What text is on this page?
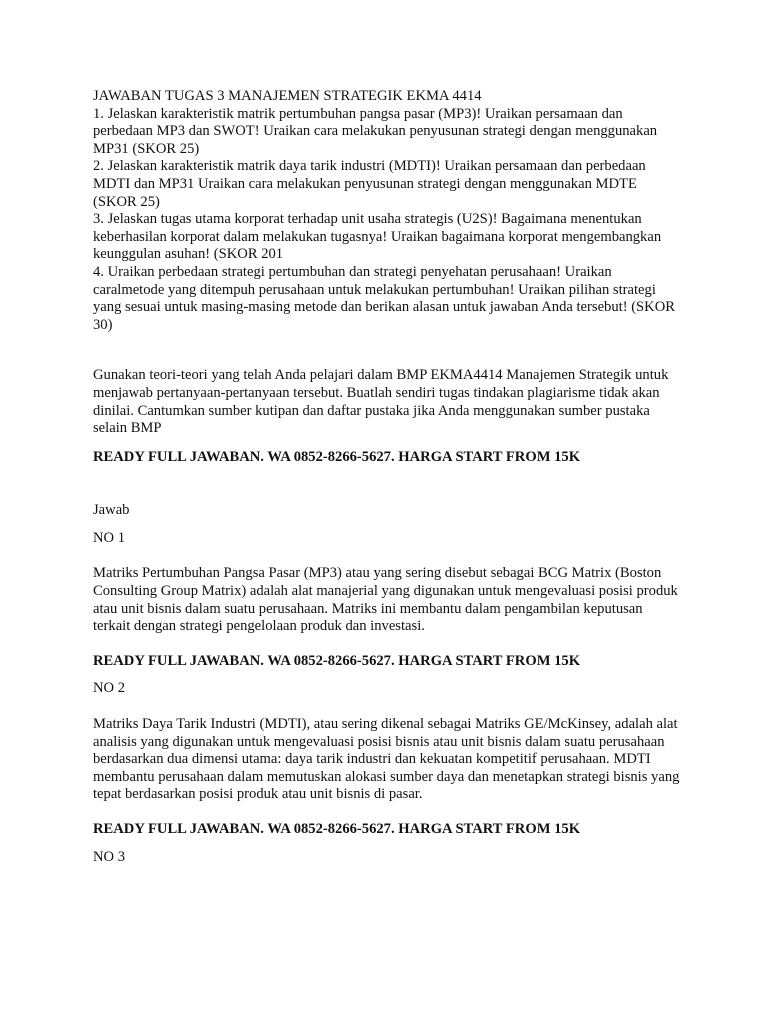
JAWABAN TUGAS 3 MANAJEMEN STRATEGIK EKMA 4414

1. Jelaskan karakteristik matrik pertumbuhan pangsa pasar (MP3)! Uraikan persamaan dan perbedaan MP3 dan SWOT! Uraikan cara melakukan penyusunan strategi dengan menggunakan MP31 (SKOR 25)

2. Jelaskan karakteristik matrik daya tarik industri (MDTI)! Uraikan persamaan dan perbedaan MDTI dan MP31 Uraikan cara melakukan penyusunan strategi dengan menggunakan MDTE (SKOR 25)

3. Jelaskan tugas utama korporat terhadap unit usaha strategis (U2S)! Bagaimana menentukan keberhasilan korporat dalam melakukan tugasnya! Uraikan bagaimana korporat mengembangkan keunggulan asuhan! (SKOR 201

4. Uraikan perbedaan strategi pertumbuhan dan strategi penyehatan perusahaan! Uraikan caralmetode yang ditempuh perusahaan untuk melakukan pertumbuhan! Uraikan pilihan strategi yang sesuai untuk masing-masing metode dan berikan alasan untuk jawaban Anda tersebut! (SKOR 30)

Gunakan teori-teori yang telah Anda pelajari dalam BMP EKMA4414 Manajemen Strategik untuk menjawab pertanyaan-pertanyaan tersebut. Buatlah sendiri tugas tindakan plagiarisme tidak akan dinilai. Cantumkan sumber kutipan dan daftar pustaka jika Anda menggunakan sumber pustaka selain BMP

READY FULL JAWABAN. WA 0852-8266-5627. HARGA START FROM 15K

Jawab

NO 1

Matriks Pertumbuhan Pangsa Pasar (MP3) atau yang sering disebut sebagai BCG Matrix (Boston Consulting Group Matrix) adalah alat manajerial yang digunakan untuk mengevaluasi posisi produk atau unit bisnis dalam suatu perusahaan. Matriks ini membantu dalam pengambilan keputusan terkait dengan strategi pengelolaan produk dan investasi.

READY FULL JAWABAN. WA 0852-8266-5627. HARGA START FROM 15K

NO 2

Matriks Daya Tarik Industri (MDTI), atau sering dikenal sebagai Matriks GE/McKinsey, adalah alat analisis yang digunakan untuk mengevaluasi posisi bisnis atau unit bisnis dalam suatu perusahaan berdasarkan dua dimensi utama: daya tarik industri dan kekuatan kompetitif perusahaan. MDTI membantu perusahaan dalam memutuskan alokasi sumber daya dan menetapkan strategi bisnis yang tepat berdasarkan posisi produk atau unit bisnis di pasar.

READY FULL JAWABAN. WA 0852-8266-5627. HARGA START FROM 15K

NO 3
